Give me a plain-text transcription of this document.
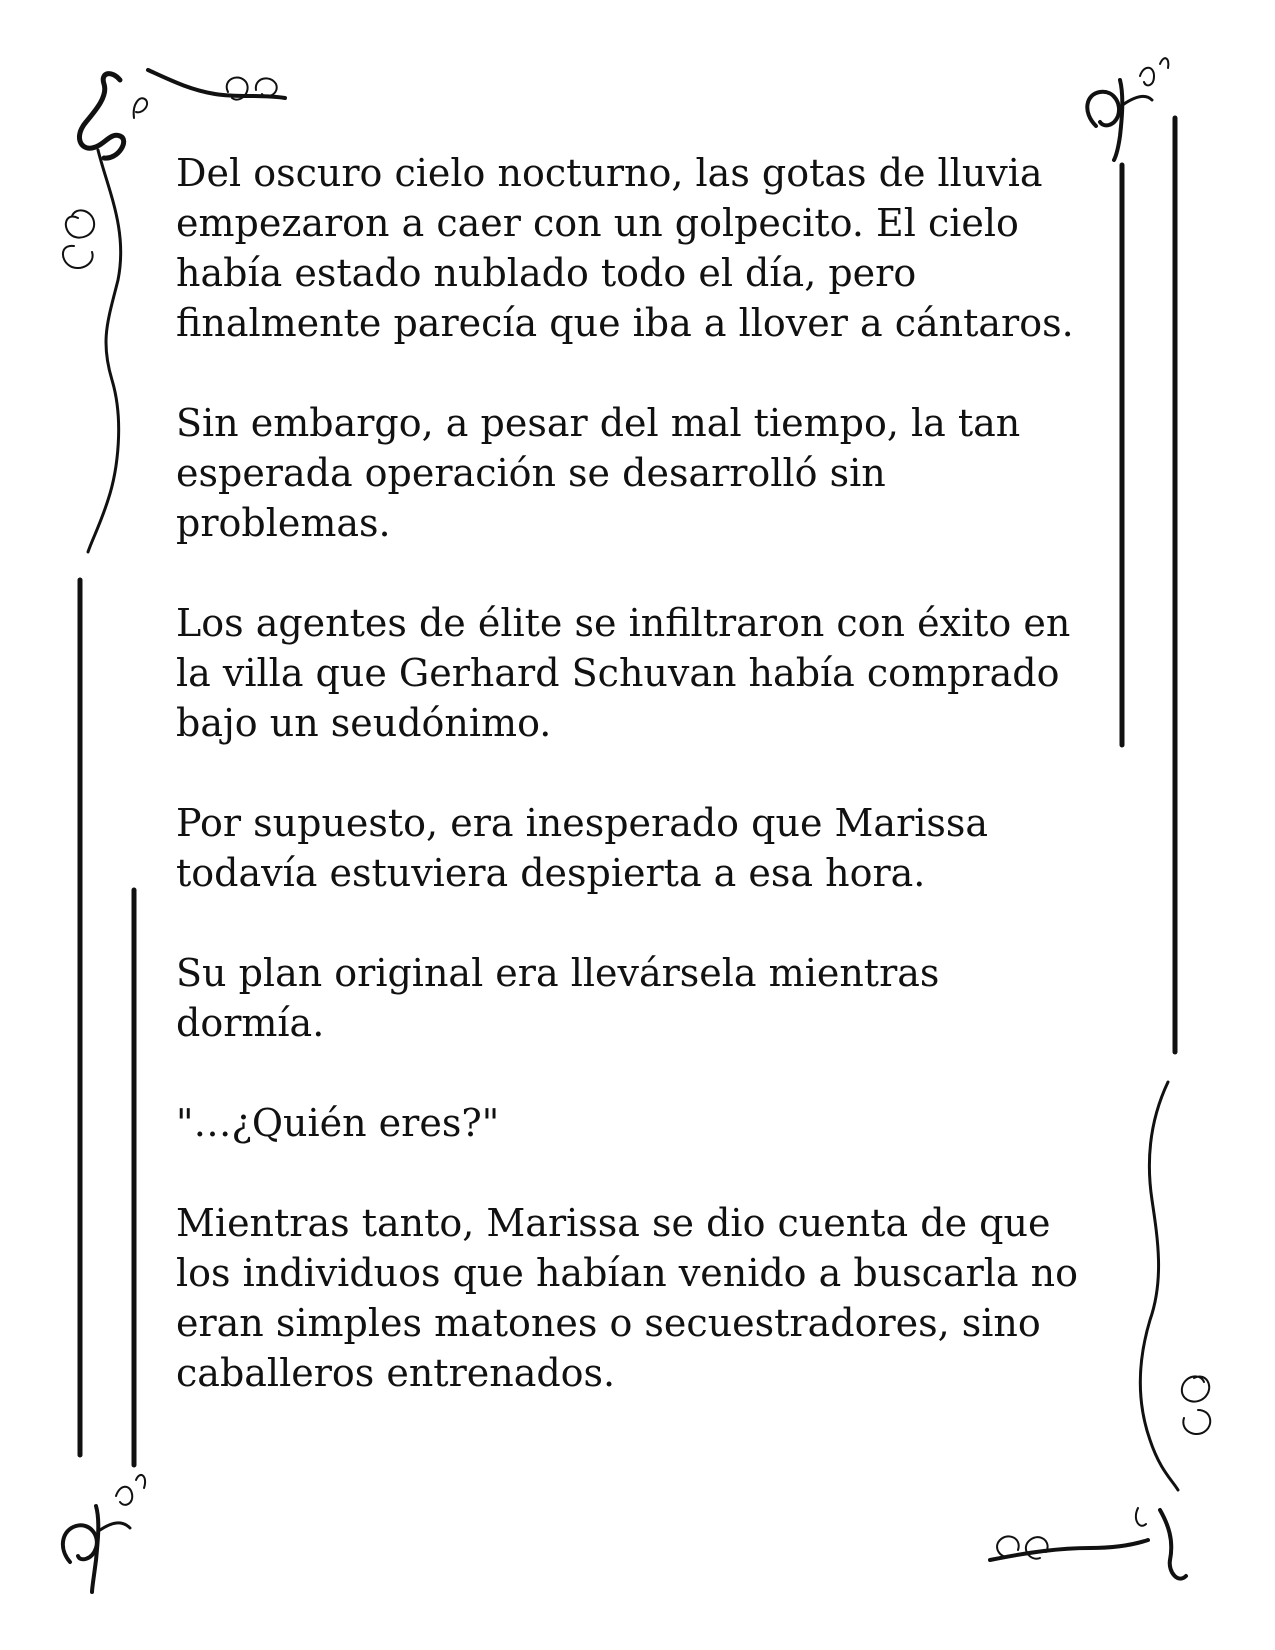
Del oscuro cielo nocturno, las gotas de lluvia
empezaron a caer con un golpecito. El cielo
había estado nublado todo el día, pero
finalmente parecía que iba a llover a cántaros.

Sin embargo, a pesar del mal tiempo, la tan
esperada operación se desarrolló sin problemas.

Los agentes de élite se infiltraron con éxito en
la villa que Gerhard Schuvan había comprado
bajo un seudónimo.

Por supuesto, era inesperado que Marissa
todavía estuviera despierta a esa hora.

Su plan original era llevársela mientras
dormía.

"…¿Quién eres?"

Mientras tanto, Marissa se dio cuenta de que
los individuos que habían venido a buscarla no
eran simples matones o secuestradores, sino
caballeros entrenados.
